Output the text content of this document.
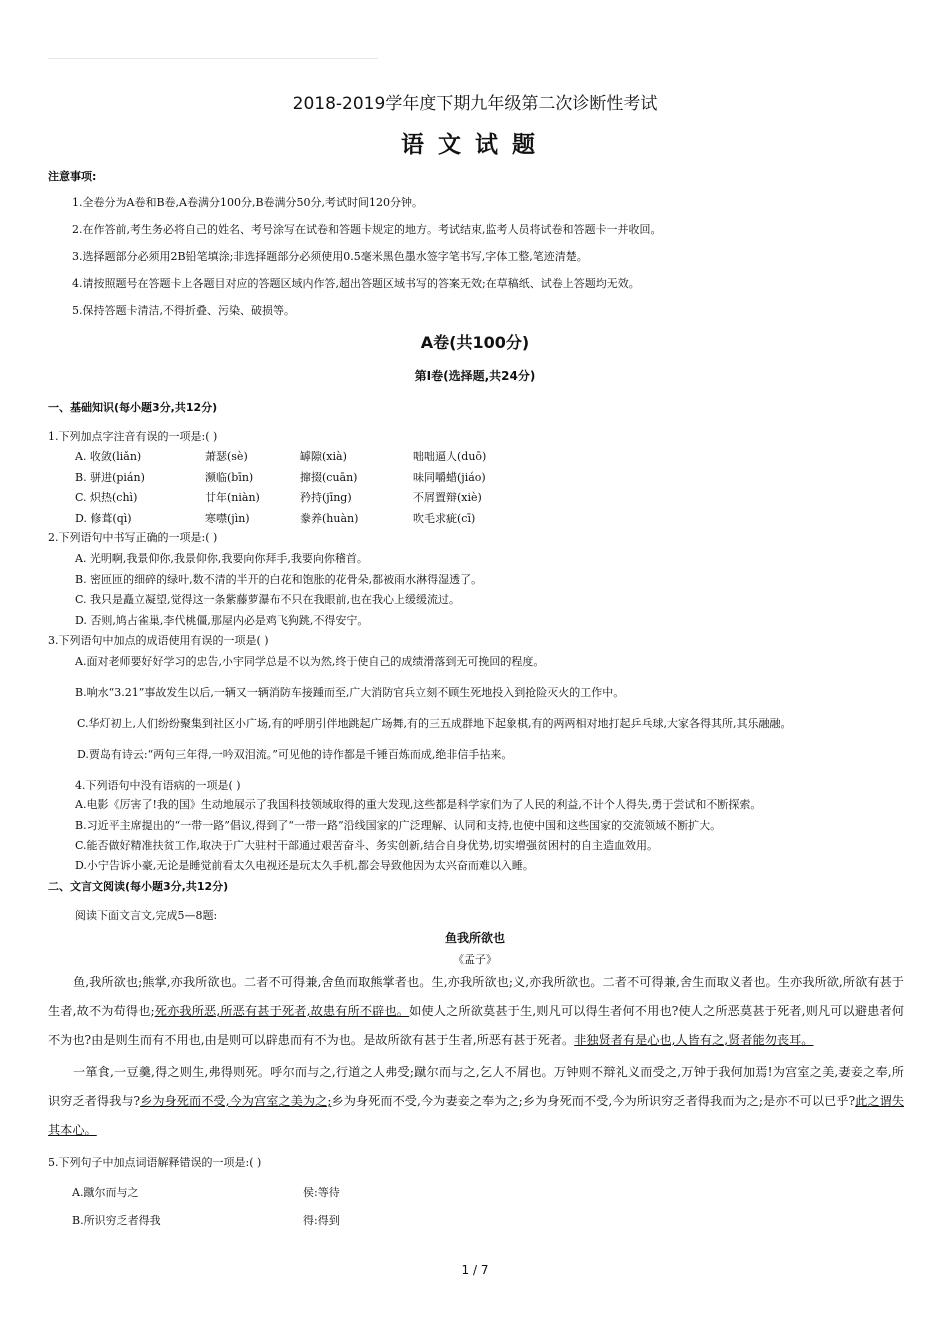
2018-2019学年度下期九年级第二次诊断性考试
语文试题
注意事项:
1.全卷分为A卷和B卷,A卷满分100分,B卷满分50分,考试时间120分钟。
2.在作答前,考生务必将自己的姓名、考号涂写在试卷和答题卡规定的地方。考试结束,监考人员将试卷和答题卡一并收回。
3.选择题部分必须用2B铅笔填涂;非选择题部分必须使用0.5毫米黑色墨水签字笔书写,字体工整,笔迹清楚。
4.请按照题号在答题卡上各题目对应的答题区域内作答,超出答题区域书写的答案无效;在草稿纸、试卷上答题均无效。
5.保持答题卡清洁,不得折叠、污染、破损等。
A卷(共100分)
第Ⅰ卷(选择题,共24分)
一、基础知识(每小题3分,共12分)
1.下列加点字注音有误的一项是:( )
A. 收敛(liǎn)	萧瑟(sè)	罅隙(xià)	咄咄逼人(duō)
B. 骈进(pián)	濒临(bīn)	撺掇(cuān)	味同嚼蜡(jiáo)
C. 炽热(chì)	廿年(niàn)	矜持(jīng)	不屑置辩(xiè)
D. 修葺(qì)	寒噤(jìn)	豢养(huàn)	吹毛求疵(cī)
2.下列语句中书写正确的一项是:( )
A. 光明啊,我景仰你,我景仰你,我要向你拜手,我要向你稽首。
B. 密匝匝的细碎的绿叶,数不清的半开的白花和饱胀的花骨朵,都被雨水淋得湿透了。
C. 我只是矗立凝望,觉得这一条紫藤萝瀑布不只在我眼前,也在我心上缓缓流过。
D. 否则,鸠占雀巢,李代桃僵,那屋内必是鸡飞狗跳,不得安宁。
3.下列语句中加点的成语使用有误的一项是( )
A.面对老师要好好学习的忠告,小宇同学总是不以为然,终于使自己的成绩滑落到无可挽回的程度。
B.响水“3.21”事故发生以后,一辆又一辆消防车接踵而至,广大消防官兵立刻不顾生死地投入到抢险灭火的工作中。
C.华灯初上,人们纷纷聚集到社区小广场,有的呼朋引伴地跳起广场舞,有的三五成群地下起象棋,有的两两相对地打起乒乓球,大家各得其所,其乐融融。
D.贾岛有诗云:“两句三年得,一吟双泪流。”可见他的诗作都是千锤百炼而成,绝非信手拈来。
4.下列语句中没有语病的一项是( )
A.电影《厉害了!我的国》生动地展示了我国科技领域取得的重大发现,这些都是科学家们为了人民的利益,不计个人得失,勇于尝试和不断探索。
B.习近平主席提出的“一带一路”倡议,得到了“一带一路”沿线国家的广泛理解、认同和支持,也使中国和这些国家的交流领域不断扩大。
C.能否做好精准扶贫工作,取决于广大驻村干部通过艰苦奋斗、务实创新,结合自身优势,切实增强贫困村的自主造血效用。
D.小宁告诉小豪,无论是睡觉前看太久电视还是玩太久手机,都会导致他因为太兴奋而难以入睡。
二、文言文阅读(每小题3分,共12分)
阅读下面文言文,完成5—8题:
鱼我所欲也
《孟子》
鱼,我所欲也;熊掌,亦我所欲也。二者不可得兼,舍鱼而取熊掌者也。生,亦我所欲也;义,亦我所欲也。二者不可得兼,舍生而取义者也。生亦我所欲,所欲有甚于生者,故不为苟得也;死亦我所恶,所恶有甚于死者,故患有所不辟也。如使人之所欲莫甚于生,则凡可以得生者何不用也?使人之所恶莫甚于死者,则凡可以避患者何不为也?由是则生而有不用也,由是则可以辟患而有不为也。是故所欲有甚于生者,所恶有甚于死者。非独贤者有是心也,人皆有之,贤者能勿丧耳。
一箪食,一豆羹,得之则生,弗得则死。呼尔而与之,行道之人弗受;蹴尔而与之,乞人不屑也。万钟则不辩礼义而受之,万钟于我何加焉!为宫室之美,妻妾之奉,所识穷乏者得我与?乡为身死而不受,今为宫室之美为之;乡为身死而不受,今为妻妾之奉为之;乡为身死而不受,今为所识穷乏者得我而为之;是亦不可以已乎?此之谓失其本心。
5.下列句子中加点词语解释错误的一项是:( )
A.蹴尔而与之	侯:等待
B.所识穷乏者得我	得:得到
1 / 7
